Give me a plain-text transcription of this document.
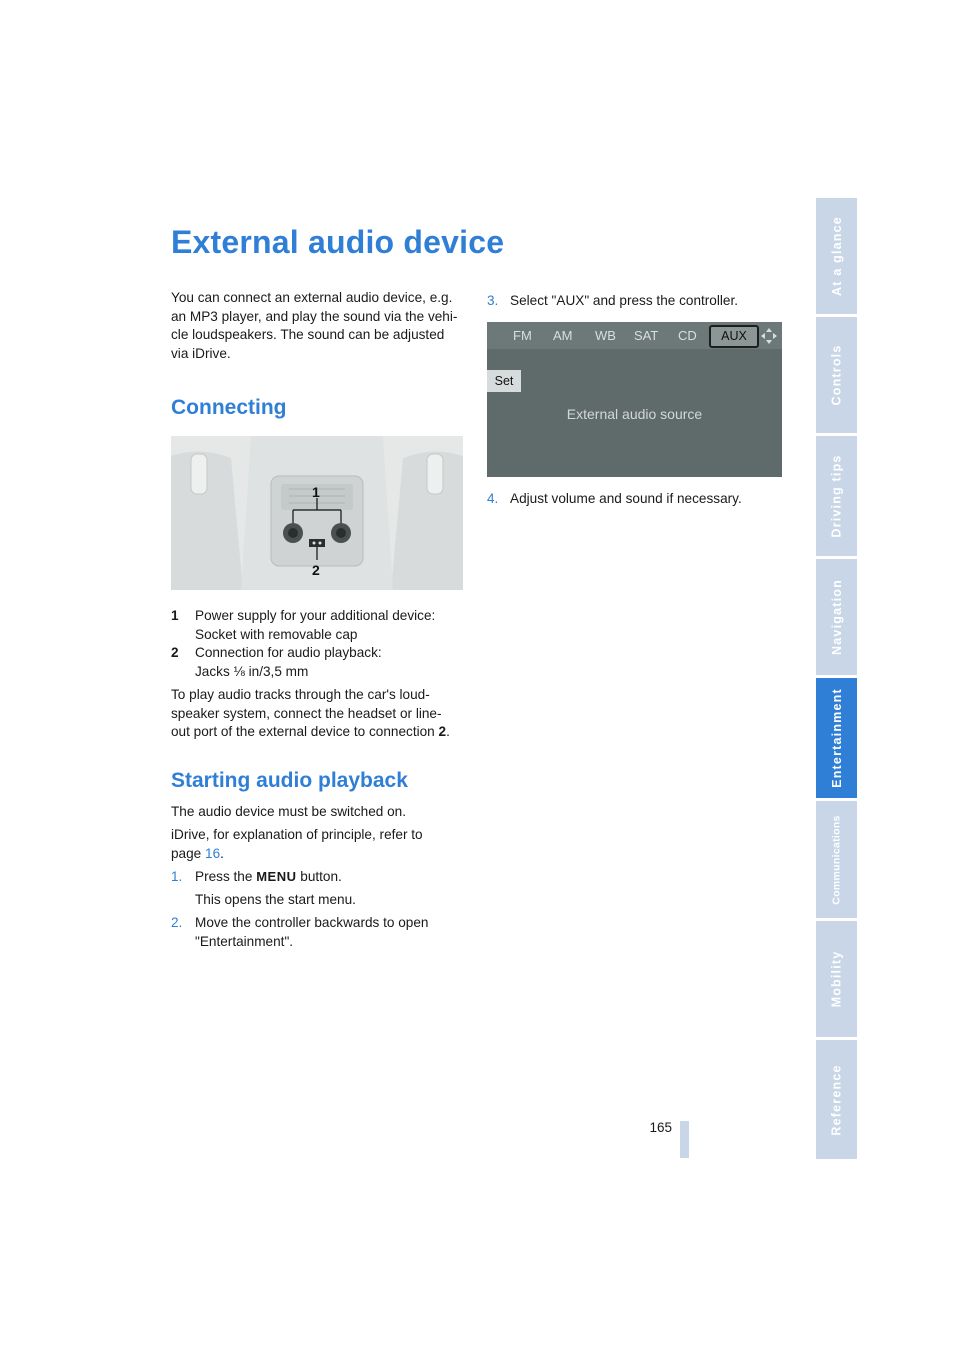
External audio device

You can connect an external audio device, e.g.

an MP3 player, and play the sound via the vehi-

cle loudspeakers. The sound can be adjusted

via iDrive.

Connecting
1
2

1 Power supply for your additional device:

Socket with removable cap

2 Connection for audio playback:

Jacks ⅛ in/3,5 mm

To play audio tracks through the car's loud-

speaker system, connect the headset or line-

out port of the external device to connection 2.

Starting audio playback

The audio device must be switched on.

iDrive, for explanation of principle, refer to

page 16.

1. Press the MENU button.

This opens the start menu.

2. Move the controller backwards to open

"Entertainment".

3. Select "AUX" and press the controller.

FM AM WB SAT CD	AUX
Set
External audio source

4. Adjust volume and sound if necessary.

At a glance
Controls
Driving tips
Navigation
Entertainment
Communications
Mobility
Reference
165
